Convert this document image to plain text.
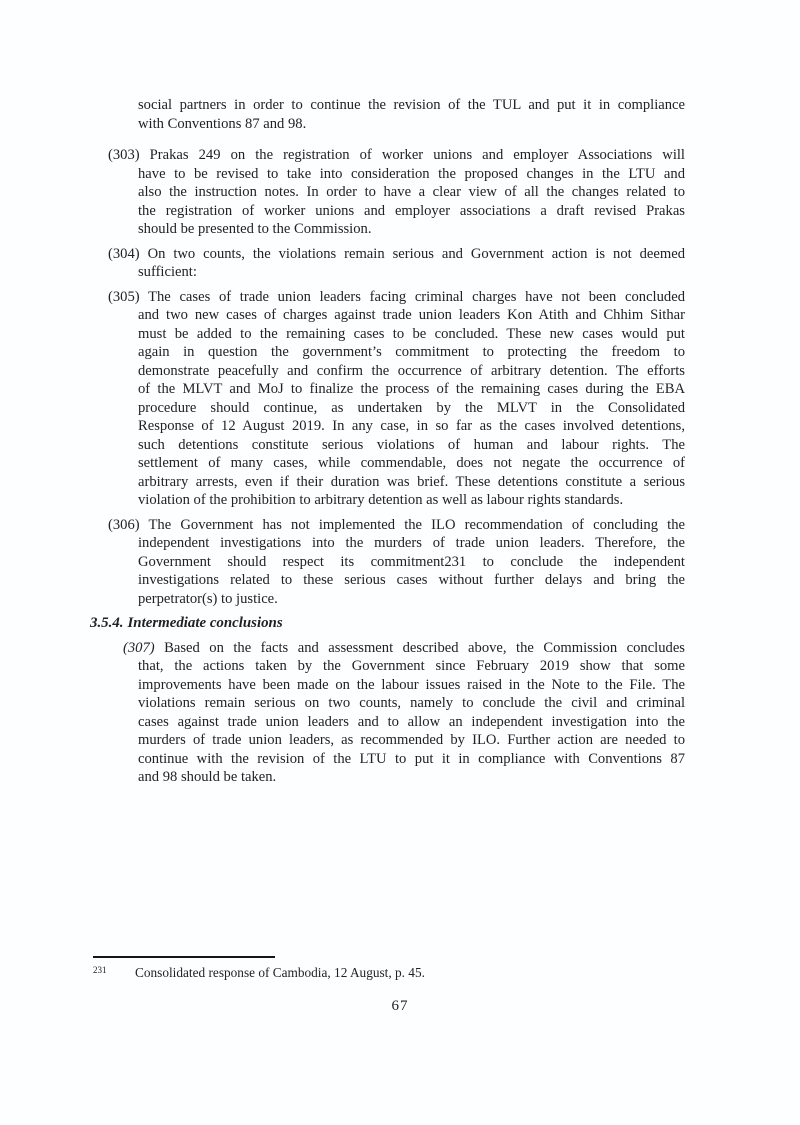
social partners in order to continue the revision of the TUL and put it in compliance
with Conventions 87 and 98.
(303) Prakas 249 on the registration of worker unions and employer Associations will
have to be revised to take into consideration the proposed changes in the LTU and
also the instruction notes. In order to have a clear view of all the changes related to
the registration of worker unions and employer associations a draft revised Prakas
should be presented to the Commission.
(304) On two counts, the violations remain serious and Government action is not deemed
sufficient:
(305) The cases of trade union leaders facing criminal charges have not been concluded
and two new cases of charges against trade union leaders Kon Atith and Chhim Sithar
must be added to the remaining cases to be concluded. These new cases would put
again in question the government’s commitment to protecting the freedom to
demonstrate peacefully and confirm the occurrence of arbitrary detention. The efforts
of the MLVT and MoJ to finalize the process of the remaining cases during the EBA
procedure should continue, as undertaken by the MLVT in the Consolidated
Response of 12 August 2019. In any case, in so far as the cases involved detentions,
such detentions constitute serious violations of human and labour rights. The
settlement of many cases, while commendable, does not negate the occurrence of
arbitrary arrests, even if their duration was brief. These detentions constitute a serious
violation of the prohibition to arbitrary detention as well as labour rights standards.
(306) The Government has not implemented the ILO recommendation of concluding the
independent investigations into the murders of trade union leaders. Therefore, the
Government should respect its commitment231 to conclude the independent
investigations related to these serious cases without further delays and bring the
perpetrator(s) to justice.
3.5.4. Intermediate conclusions
(307) Based on the facts and assessment described above, the Commission concludes
that, the actions taken by the Government since February 2019 show that some
improvements have been made on the labour issues raised in the Note to the File. The
violations remain serious on two counts, namely to conclude the civil and criminal
cases against trade union leaders and to allow an independent investigation into the
murders of trade union leaders, as recommended by ILO. Further action are needed to
continue with the revision of the LTU to put it in compliance with Conventions 87
and 98 should be taken.
231 Consolidated response of Cambodia, 12 August, p. 45.
67
